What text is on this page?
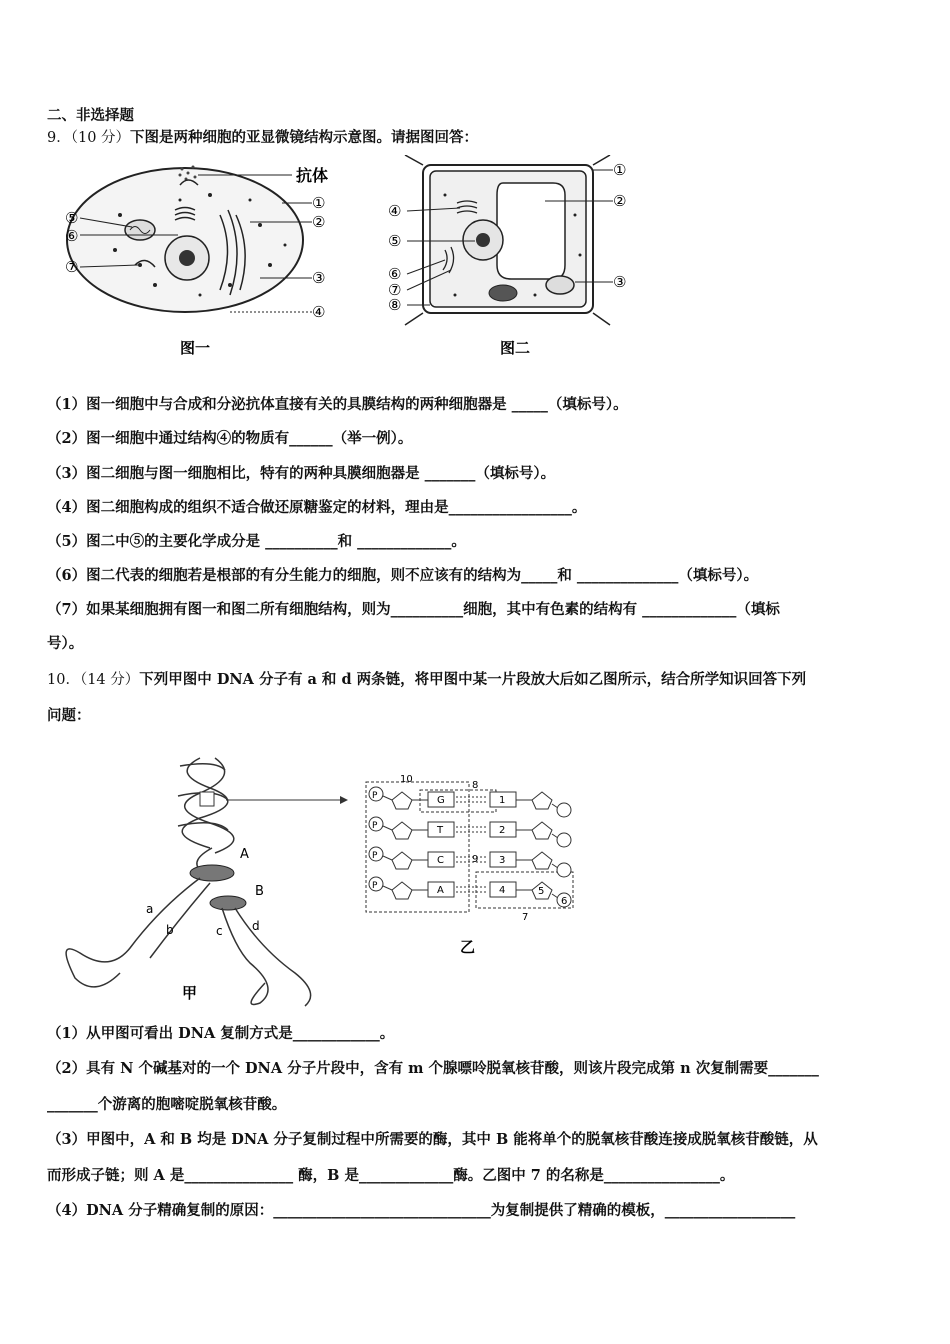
二、非选择题
9．（10 分）下图是两种细胞的亚显微镜结构示意图。请据图回答：
抗体
①
②
③
④
⑤
⑥
⑦
图一
①
②
③
④
⑤
⑥
⑦
⑧
图二
（1）图一细胞中与合成和分泌抗体直接有关的具膜结构的两种细胞器是 _____（填标号）。
（2）图一细胞中通过结构④的物质有______（举一例）。
（3）图二细胞与图一细胞相比，特有的两种具膜细胞器是 _______（填标号）。
（4）图二细胞构成的组织不适合做还原糖鉴定的材料，理由是_________________。
（5）图二中⑤的主要化学成分是 __________和 _____________。
（6）图二代表的细胞若是根部的有分生能力的细胞，则不应该有的结构为_____和 ______________（填标号）。
（7）如果某细胞拥有图一和图二所有细胞结构，则为__________细胞，其中有色素的结构有 _____________（填标
号）。
10．（14 分）下列甲图中 DNA 分子有 a 和 d 两条链，将甲图中某一片段放大后如乙图所示，结合所学知识回答下列
问题：
A
B
a
b	c d
甲
10
8
9
7
P	G	1
P	T	2
P	C	3
P	A	4	5
6
乙
（1）从甲图可看出 DNA 复制方式是____________。
（2）具有 N 个碱基对的一个 DNA 分子片段中，含有 m 个腺嘌呤脱氧核苷酸，则该片段完成第 n 次复制需要_______
_______个游离的胞嘧啶脱氧核苷酸。
（3）甲图中，A 和 B 均是 DNA 分子复制过程中所需要的酶，其中 B 能将单个的脱氧核苷酸连接成脱氧核苷酸链，从
而形成子链；则 A 是_______________ 酶，B 是_____________酶。乙图中 7 的名称是________________。
（4）DNA 分子精确复制的原因：______________________________为复制提供了精确的模板，__________________
